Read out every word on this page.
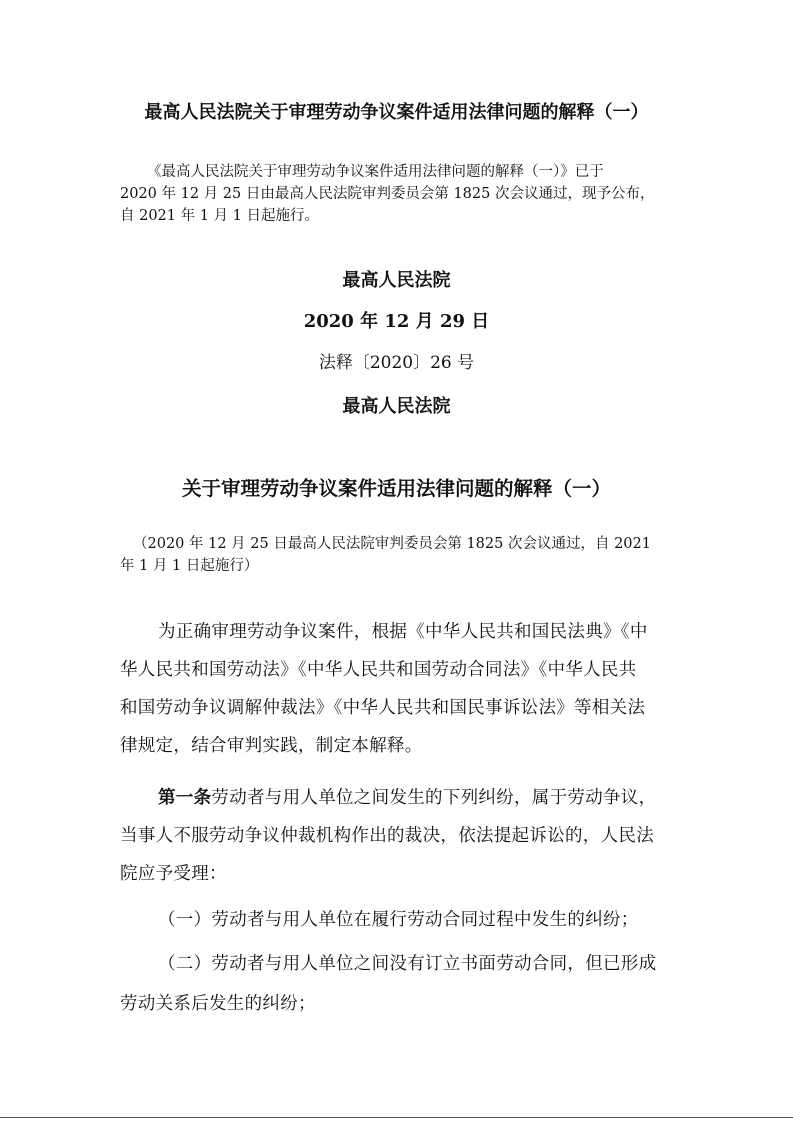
最高人民法院关于审理劳动争议案件适用法律问题的解释（一）
《最高人民法院关于审理劳动争议案件适用法律问题的解释（一）》已于
2020 年 12 月 25 日由最高人民法院审判委员会第 1825 次会议通过，现予公布，
自 2021 年 1 月 1 日起施行。
最高人民法院
2020 年 12 月 29 日
法释〔2020〕26 号
最高人民法院
关于审理劳动争议案件适用法律问题的解释（一）
（2020 年 12 月 25 日最高人民法院审判委员会第 1825 次会议通过，自 2021
年 1 月 1 日起施行）
为正确审理劳动争议案件，根据《中华人民共和国民法典》《中
华人民共和国劳动法》《中华人民共和国劳动合同法》《中华人民共
和国劳动争议调解仲裁法》《中华人民共和国民事诉讼法》等相关法
律规定，结合审判实践，制定本解释。
第一条劳动者与用人单位之间发生的下列纠纷，属于劳动争议，
当事人不服劳动争议仲裁机构作出的裁决，依法提起诉讼的，人民法
院应予受理：
（一）劳动者与用人单位在履行劳动合同过程中发生的纠纷；
（二）劳动者与用人单位之间没有订立书面劳动合同，但已形成
劳动关系后发生的纠纷；
